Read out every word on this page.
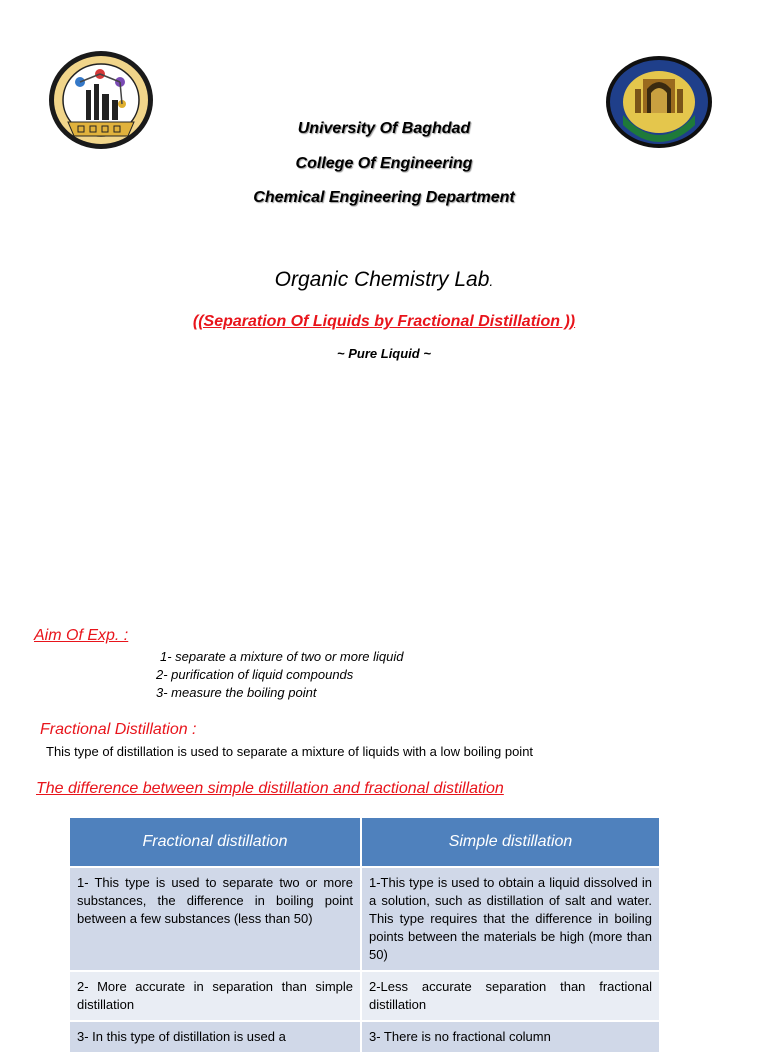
University Of Baghdad
College Of Engineering
Chemical Engineering Department
Organic Chemistry Lab.
((Separation Of Liquids by Fractional Distillation ))
~ Pure Liquid ~
Aim Of Exp. :
1- separate a mixture of two or more liquid
2- purification of liquid compounds
3- measure the boiling point
Fractional Distillation :
This type of distillation is used to separate a mixture of liquids with a low boiling point
The difference between simple distillation and fractional distillation
Fractional distillation	Simple distillation
1- This type is used to separate two or more substances, the difference in boiling point between a few substances (less than 50)	1-This type is used to obtain a liquid dissolved in a solution, such as distillation of salt and water. This type requires that the difference in boiling points between the materials be high (more than 50)
2- More accurate in separation than simple distillation	2-Less accurate separation than fractional distillation
3- In this type of distillation is used a	3- There is no fractional column
